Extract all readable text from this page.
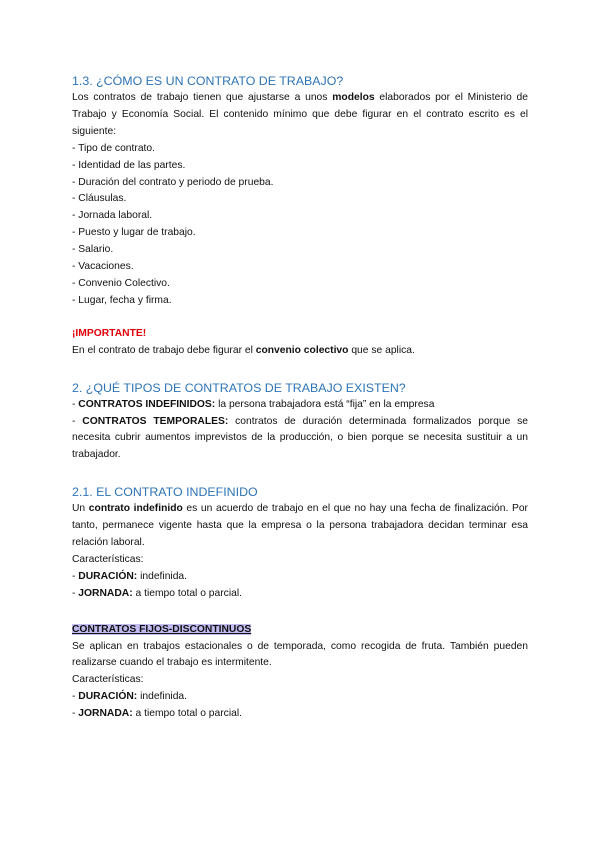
1.3. ¿CÓMO ES UN CONTRATO DE TRABAJO?

Los contratos de trabajo tienen que ajustarse a unos modelos elaborados por el Ministerio de Trabajo y Economía Social. El contenido mínimo que debe figurar en el contrato escrito es el siguiente:

- Tipo de contrato.

- Identidad de las partes.

- Duración del contrato y periodo de prueba.

- Cláusulas.

- Jornada laboral.

- Puesto y lugar de trabajo.

- Salario.

- Vacaciones.

- Convenio Colectivo.

- Lugar, fecha y firma.

¡IMPORTANTE!

En el contrato de trabajo debe figurar el convenio colectivo que se aplica.

2. ¿QUÉ TIPOS DE CONTRATOS DE TRABAJO EXISTEN?

- CONTRATOS INDEFINIDOS: la persona trabajadora está “fija” en la empresa

- CONTRATOS TEMPORALES: contratos de duración determinada formalizados porque se necesita cubrir aumentos imprevistos de la producción, o bien porque se necesita sustituir a un trabajador.

2.1. EL CONTRATO INDEFINIDO

Un contrato indefinido es un acuerdo de trabajo en el que no hay una fecha de finalización. Por tanto, permanece vigente hasta que la empresa o la persona trabajadora decidan terminar esa relación laboral.

Características:

- DURACIÓN: indefinida.

- JORNADA: a tiempo total o parcial.

CONTRATOS FIJOS-DISCONTINUOS

Se aplican en trabajos estacionales o de temporada, como recogida de fruta. También pueden realizarse cuando el trabajo es intermitente.

Características:

- DURACIÓN: indefinida.

- JORNADA: a tiempo total o parcial.
